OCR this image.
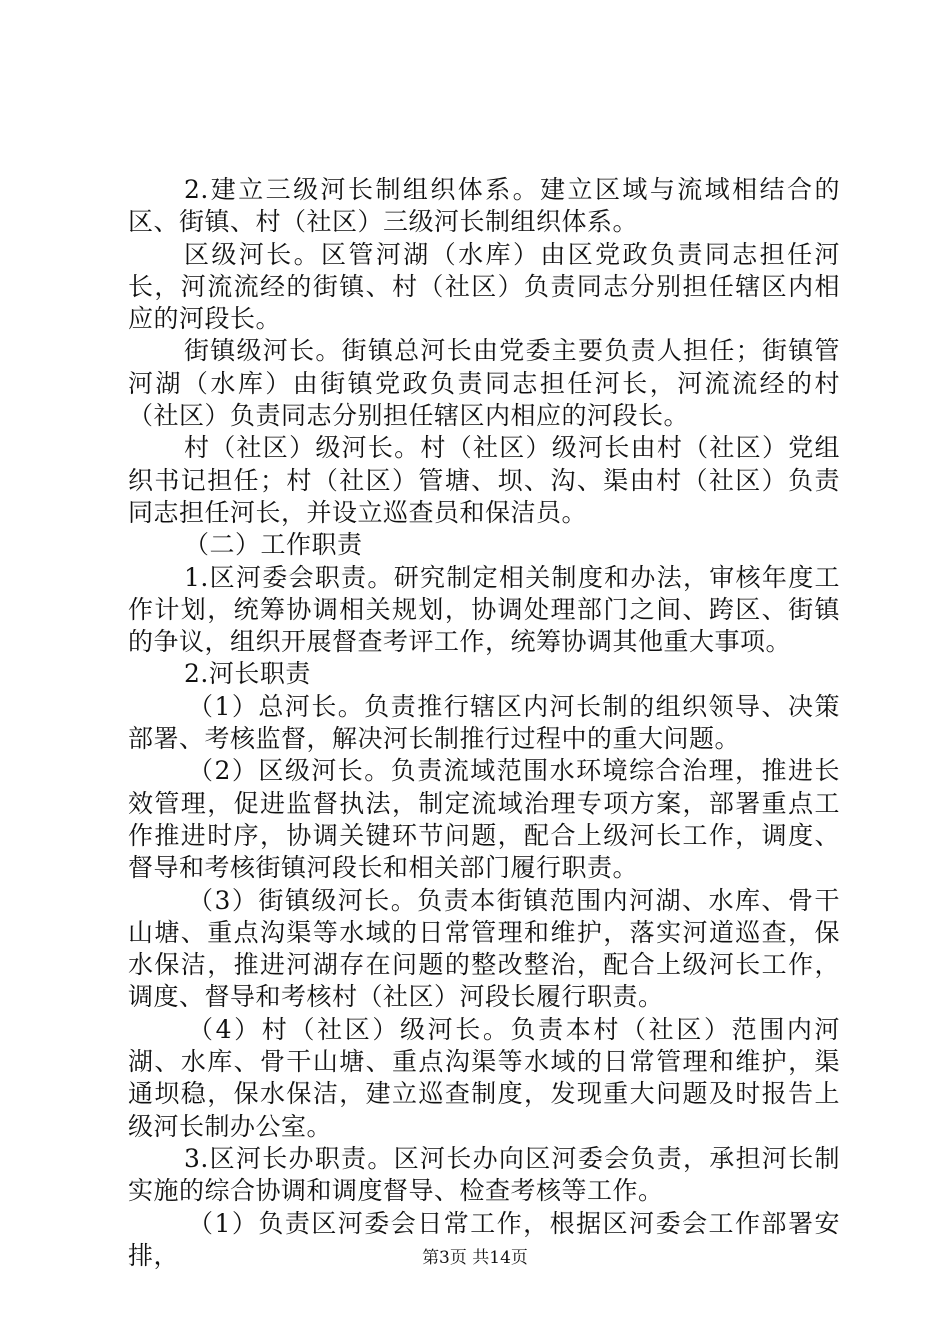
2.建立三级河长制组织体系。建立区域与流域相结合的区、街镇、村（社区）三级河长制组织体系。

区级河长。区管河湖（水库）由区党政负责同志担任河长，河流流经的街镇、村（社区）负责同志分别担任辖区内相应的河段长。

街镇级河长。街镇总河长由党委主要负责人担任；街镇管河湖（水库）由街镇党政负责同志担任河长，河流流经的村（社区）负责同志分别担任辖区内相应的河段长。

村（社区）级河长。村（社区）级河长由村（社区）党组织书记担任；村（社区）管塘、坝、沟、渠由村（社区）负责同志担任河长，并设立巡查员和保洁员。

（二）工作职责

1.区河委会职责。研究制定相关制度和办法，审核年度工作计划，统筹协调相关规划，协调处理部门之间、跨区、街镇的争议，组织开展督查考评工作，统筹协调其他重大事项。

2.河长职责

（1）总河长。负责推行辖区内河长制的组织领导、决策部署、考核监督，解决河长制推行过程中的重大问题。

（2）区级河长。负责流域范围水环境综合治理，推进长效管理，促进监督执法，制定流域治理专项方案，部署重点工作推进时序，协调关键环节问题，配合上级河长工作，调度、督导和考核街镇河段长和相关部门履行职责。

（3）街镇级河长。负责本街镇范围内河湖、水库、骨干山塘、重点沟渠等水域的日常管理和维护，落实河道巡查，保水保洁，推进河湖存在问题的整改整治，配合上级河长工作，调度、督导和考核村（社区）河段长履行职责。

（4）村（社区）级河长。负责本村（社区）范围内河湖、水库、骨干山塘、重点沟渠等水域的日常管理和维护，渠通坝稳，保水保洁，建立巡查制度，发现重大问题及时报告上级河长制办公室。

3.区河长办职责。区河长办向区河委会负责，承担河长制实施的综合协调和调度督导、检查考核等工作。

（1）负责区河委会日常工作，根据区河委会工作部署安排，	第3页 共14页
